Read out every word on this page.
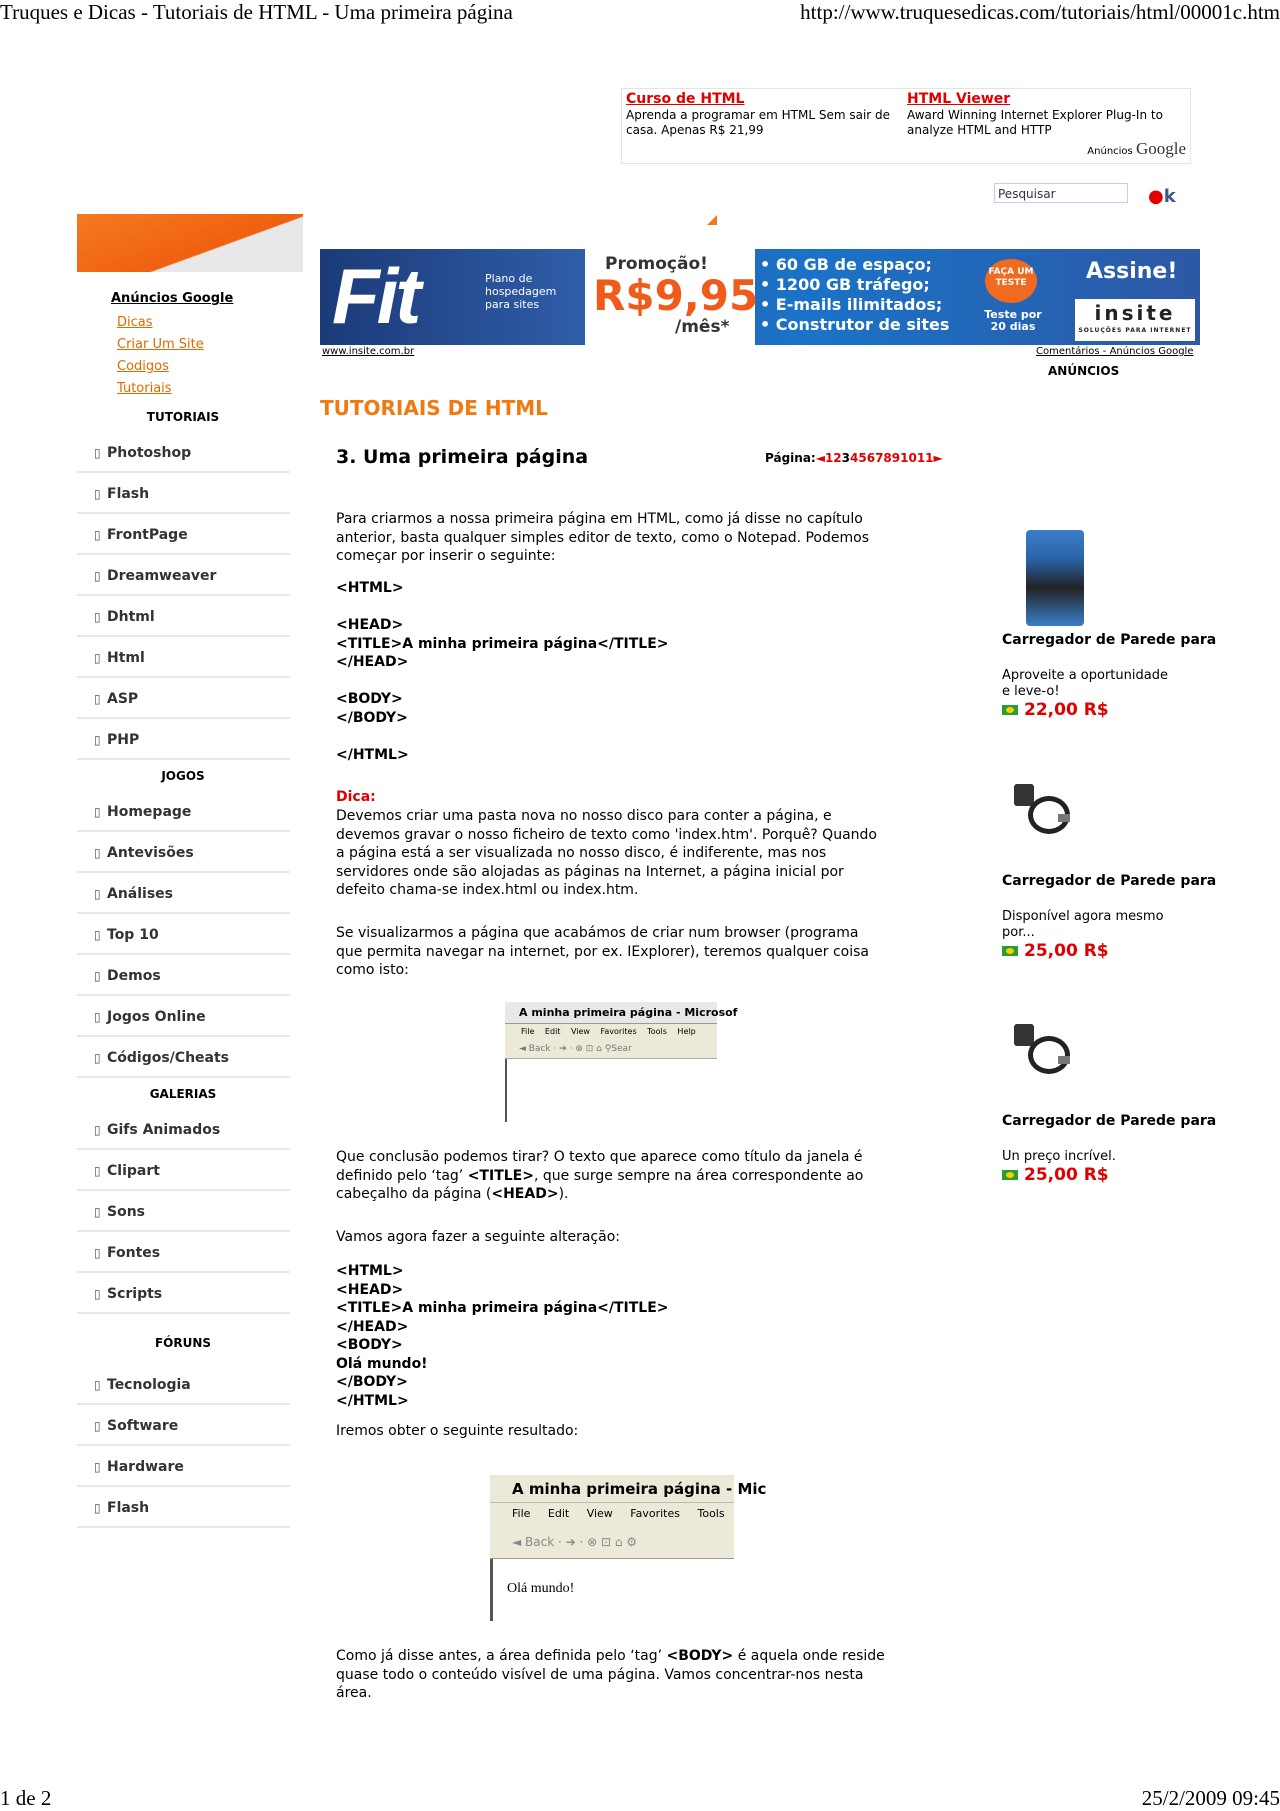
Truques e Dicas - Tutoriais de HTML - Uma primeira página	http://www.truquesedicas.com/tutoriais/html/00001c.htm
1 de 2	25/2/2009 09:45
Curso de HTML
Aprenda a programar em HTML Sem sair de casa. Apenas R$ 21,99
HTML Viewer
Award Winning Internet Explorer Plug-In to analyze HTML and HTTP
Anúncios Google
Pesquisar	●k
Fit	Plano de hospedagem para sites
Promoção!
R$9,95
/mês*
• 60 GB de espaço;
• 1200 GB tráfego;
• E-mails ilimitados;
• Construtor de sites
FAÇA UM TESTE
Teste por 20 dias
Assine!
insite
SOLUÇÕES PARA INTERNET
www.insite.com.br	Comentários - Anúncios Google
ANÚNCIOS
Anúncios Google
Dicas
Criar Um Site
Codigos
Tutoriais
TUTORIAIS
▯ Photoshop
▯ Flash
▯ FrontPage
▯ Dreamweaver
▯ Dhtml
▯ Html
▯ ASP
▯ PHP
JOGOS
▯ Homepage
▯ Antevisões
▯ Análises
▯ Top 10
▯ Demos
▯ Jogos Online
▯ Códigos/Cheats
GALERIAS
▯ Gifs Animados
▯ Clipart
▯ Sons
▯ Fontes
▯ Scripts
FÓRUNS
▯ Tecnologia
▯ Software
▯ Hardware
▯ Flash
TUTORIAIS DE HTML
3. Uma primeira página	Página:◄1234567891011►
Para criarmos a nossa primeira página em HTML, como já disse no capítulo anterior, basta qualquer simples editor de texto, como o Notepad. Podemos começar por inserir o seguinte:
<HTML>

<HEAD>
<TITLE>A minha primeira página</TITLE>
</HEAD>

<BODY>
</BODY>

</HTML>
Dica:
Devemos criar uma pasta nova no nosso disco para conter a página, e devemos gravar o nosso ficheiro de texto como 'index.htm'. Porquê? Quando a página está a ser visualizada no nosso disco, é indiferente, mas nos servidores onde são alojadas as páginas na Internet, a página inicial por defeito chama-se index.html ou index.htm.
Se visualizarmos a página que acabámos de criar num browser (programa que permita navegar na internet, por ex. IExplorer), teremos qualquer coisa como isto:
A minha primeira página - Microsof
File Edit View Favorites Tools Help
◄ Back · ➔ · ⊗ ⊡ ⌂ ⚲Sear
Que conclusão podemos tirar? O texto que aparece como título da janela é definido pelo ‘tag’ <TITLE>, que surge sempre na área correspondente ao cabeçalho da página (<HEAD>).
Vamos agora fazer a seguinte alteração:
<HTML>
<HEAD>
<TITLE>A minha primeira página</TITLE>
</HEAD>
<BODY>
Olá mundo!
</BODY>
</HTML>
Iremos obter o seguinte resultado:
A minha primeira página - Mic
File Edit View Favorites Tools
◄ Back · ➔ · ⊗ ⊡ ⌂ ⚙
Olá mundo!
Como já disse antes, a área definida pelo ‘tag’ <BODY> é aquela onde reside quase todo o conteúdo visível de uma página. Vamos concentrar-nos nesta área.
Carregador de Parede para
Aproveite a oportunidade e leve-o!
22,00 R$
Carregador de Parede para
Disponível agora mesmo por...
25,00 R$
Carregador de Parede para
Un preço incrível.
25,00 R$
